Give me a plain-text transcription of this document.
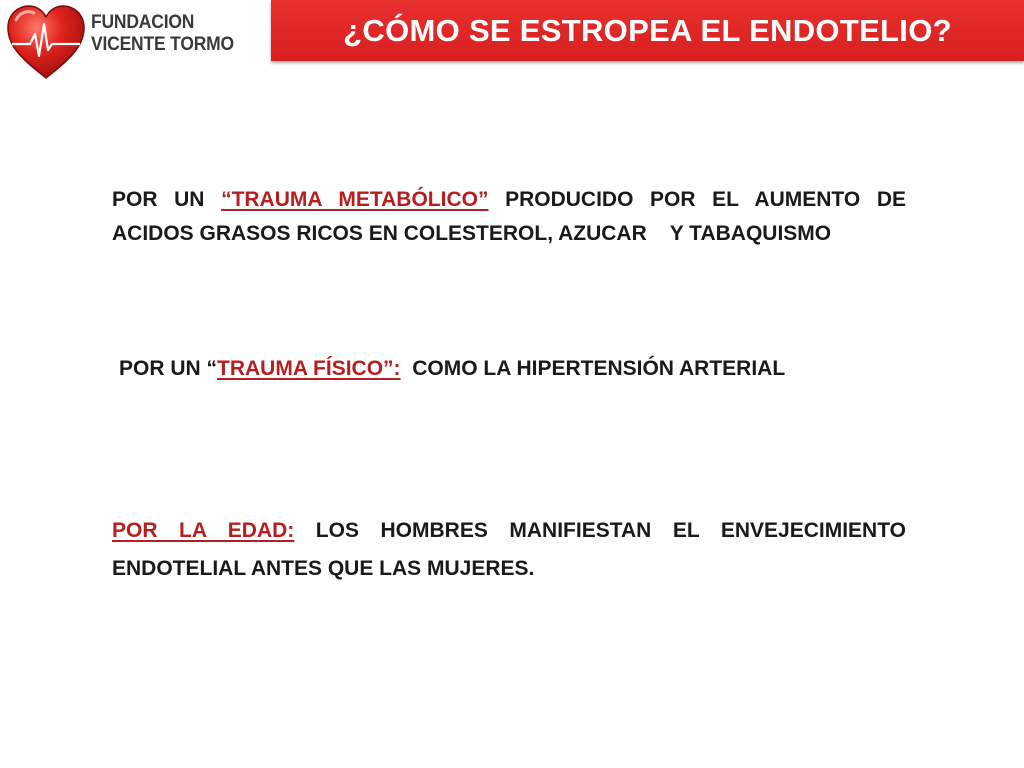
FUNDACION
VICENTE TORMO	¿CÓMO SE ESTROPEA EL ENDOTELIO?
POR UN “TRAUMA METABÓLICO” PRODUCIDO POR EL AUMENTO DE ACIDOS GRASOS RICOS EN COLESTEROL, AZUCAR    Y TABAQUISMO
POR UN “TRAUMA FÍSICO”:  COMO LA HIPERTENSIÓN ARTERIAL
POR LA EDAD: LOS HOMBRES MANIFIESTAN EL ENVEJECIMIENTO ENDOTELIAL ANTES QUE LAS MUJERES.
